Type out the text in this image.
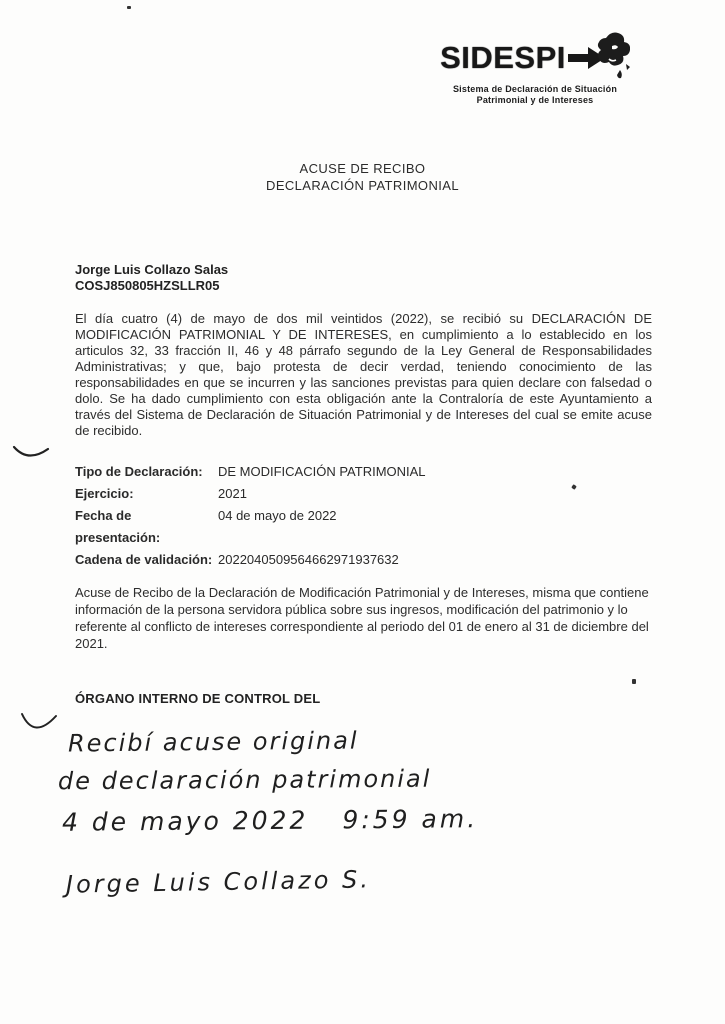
SIDESPI
Sistema de Declaración de Situación
Patrimonial y de Intereses
ACUSE DE RECIBO
DECLARACIÓN PATRIMONIAL
Jorge Luis Collazo Salas
COSJ850805HZSLLR05
El día cuatro (4) de mayo de dos mil veintidos (2022), se recibió su DECLARACIÓN DE MODIFICACIÓN PATRIMONIAL Y DE INTERESES, en cumplimiento a lo establecido en los articulos 32, 33 fracción II, 46 y 48 párrafo segundo de la Ley General de Responsabilidades Administrativas; y que, bajo protesta de decir verdad, teniendo conocimiento de las responsabilidades en que se incurren y las sanciones previstas para quien declare con falsedad o dolo. Se ha dado cumplimiento con esta obligación ante la Contraloría de este Ayuntamiento a través del Sistema de Declaración de Situación Patrimonial y de Intereses del cual se emite acuse de recibido.
Tipo de Declaración:	DE MODIFICACIÓN PATRIMONIAL
Ejercicio:	2021
Fecha de presentación:
04 de mayo de 2022
Cadena de validación: 2022040509564662971937632
Acuse de Recibo de la Declaración de Modificación Patrimonial y de Intereses, misma que contiene información de la persona servidora pública sobre sus ingresos, modificación del patrimonio y lo referente al conflicto de intereses correspondiente al periodo del 01 de enero al 31 de diciembre del 2021.
ÓRGANO INTERNO DE CONTROL DEL
Recibí acuse original
de declaración patrimonial
4 de mayo 2022 9:59 am.
Jorge Luis Collazo S.
